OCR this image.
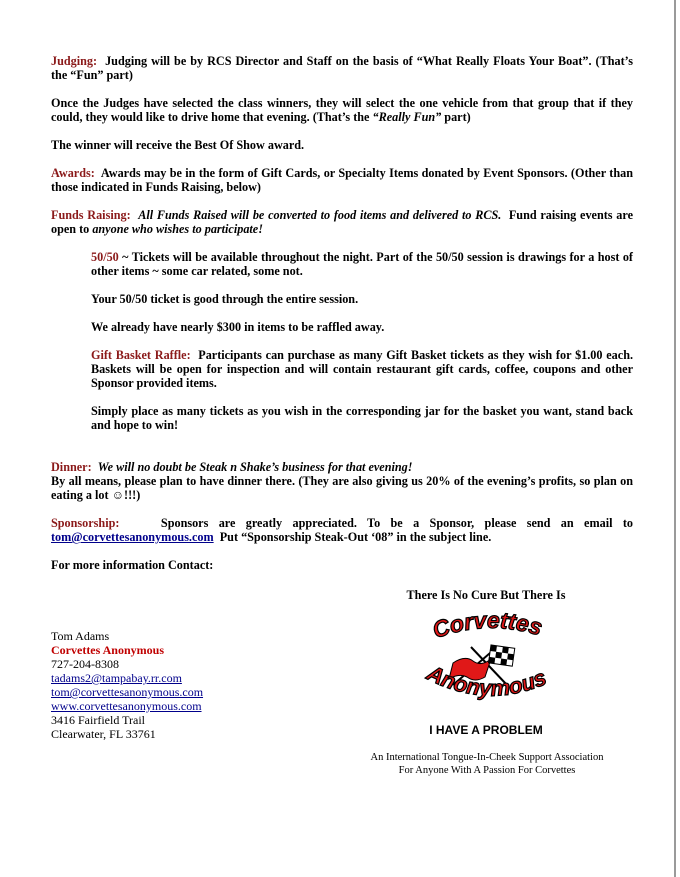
Judging: Judging will be by RCS Director and Staff on the basis of “What Really Floats Your Boat”. (That’s the “Fun” part)

Once the Judges have selected the class winners, they will select the one vehicle from that group that if they could, they would like to drive home that evening. (That’s the “Really Fun” part)

The winner will receive the Best Of Show award.

Awards: Awards may be in the form of Gift Cards, or Specialty Items donated by Event Sponsors. (Other than those indicated in Funds Raising, below)

Funds Raising: All Funds Raised will be converted to food items and delivered to RCS. Fund raising events are open to anyone who wishes to participate!

50/50 ~ Tickets will be available throughout the night. Part of the 50/50 session is drawings for a host of other items ~ some car related, some not.

Your 50/50 ticket is good through the entire session.

We already have nearly $300 in items to be raffled away.

Gift Basket Raffle: Participants can purchase as many Gift Basket tickets as they wish for $1.00 each. Baskets will be open for inspection and will contain restaurant gift cards, coffee, coupons and other Sponsor provided items.

Simply place as many tickets as you wish in the corresponding jar for the basket you want, stand back and hope to win!

Dinner: We will no doubt be Steak n Shake’s business for that evening!

By all means, please plan to have dinner there. (They are also giving us 20% of the evening’s profits, so plan on eating a lot ☺!!!)

Sponsorship:	Sponsors are greatly appreciated. To be a Sponsor, please send an email to tom@corvettesanonymous.com Put “Sponsorship Steak-Out ‘08” in the subject line.

For more information Contact:

There Is No Cure But There Is
Corvettes
Anonymous
I HAVE A PROBLEM
An International Tongue-In-Cheek Support Association
For Anyone With A Passion For Corvettes
Tom Adams
Corvettes Anonymous
727-204-8308
tadams2@tampabay.rr.com
tom@corvettesanonymous.com
www.corvettesanonymous.com
3416 Fairfield Trail
Clearwater, FL 33761
